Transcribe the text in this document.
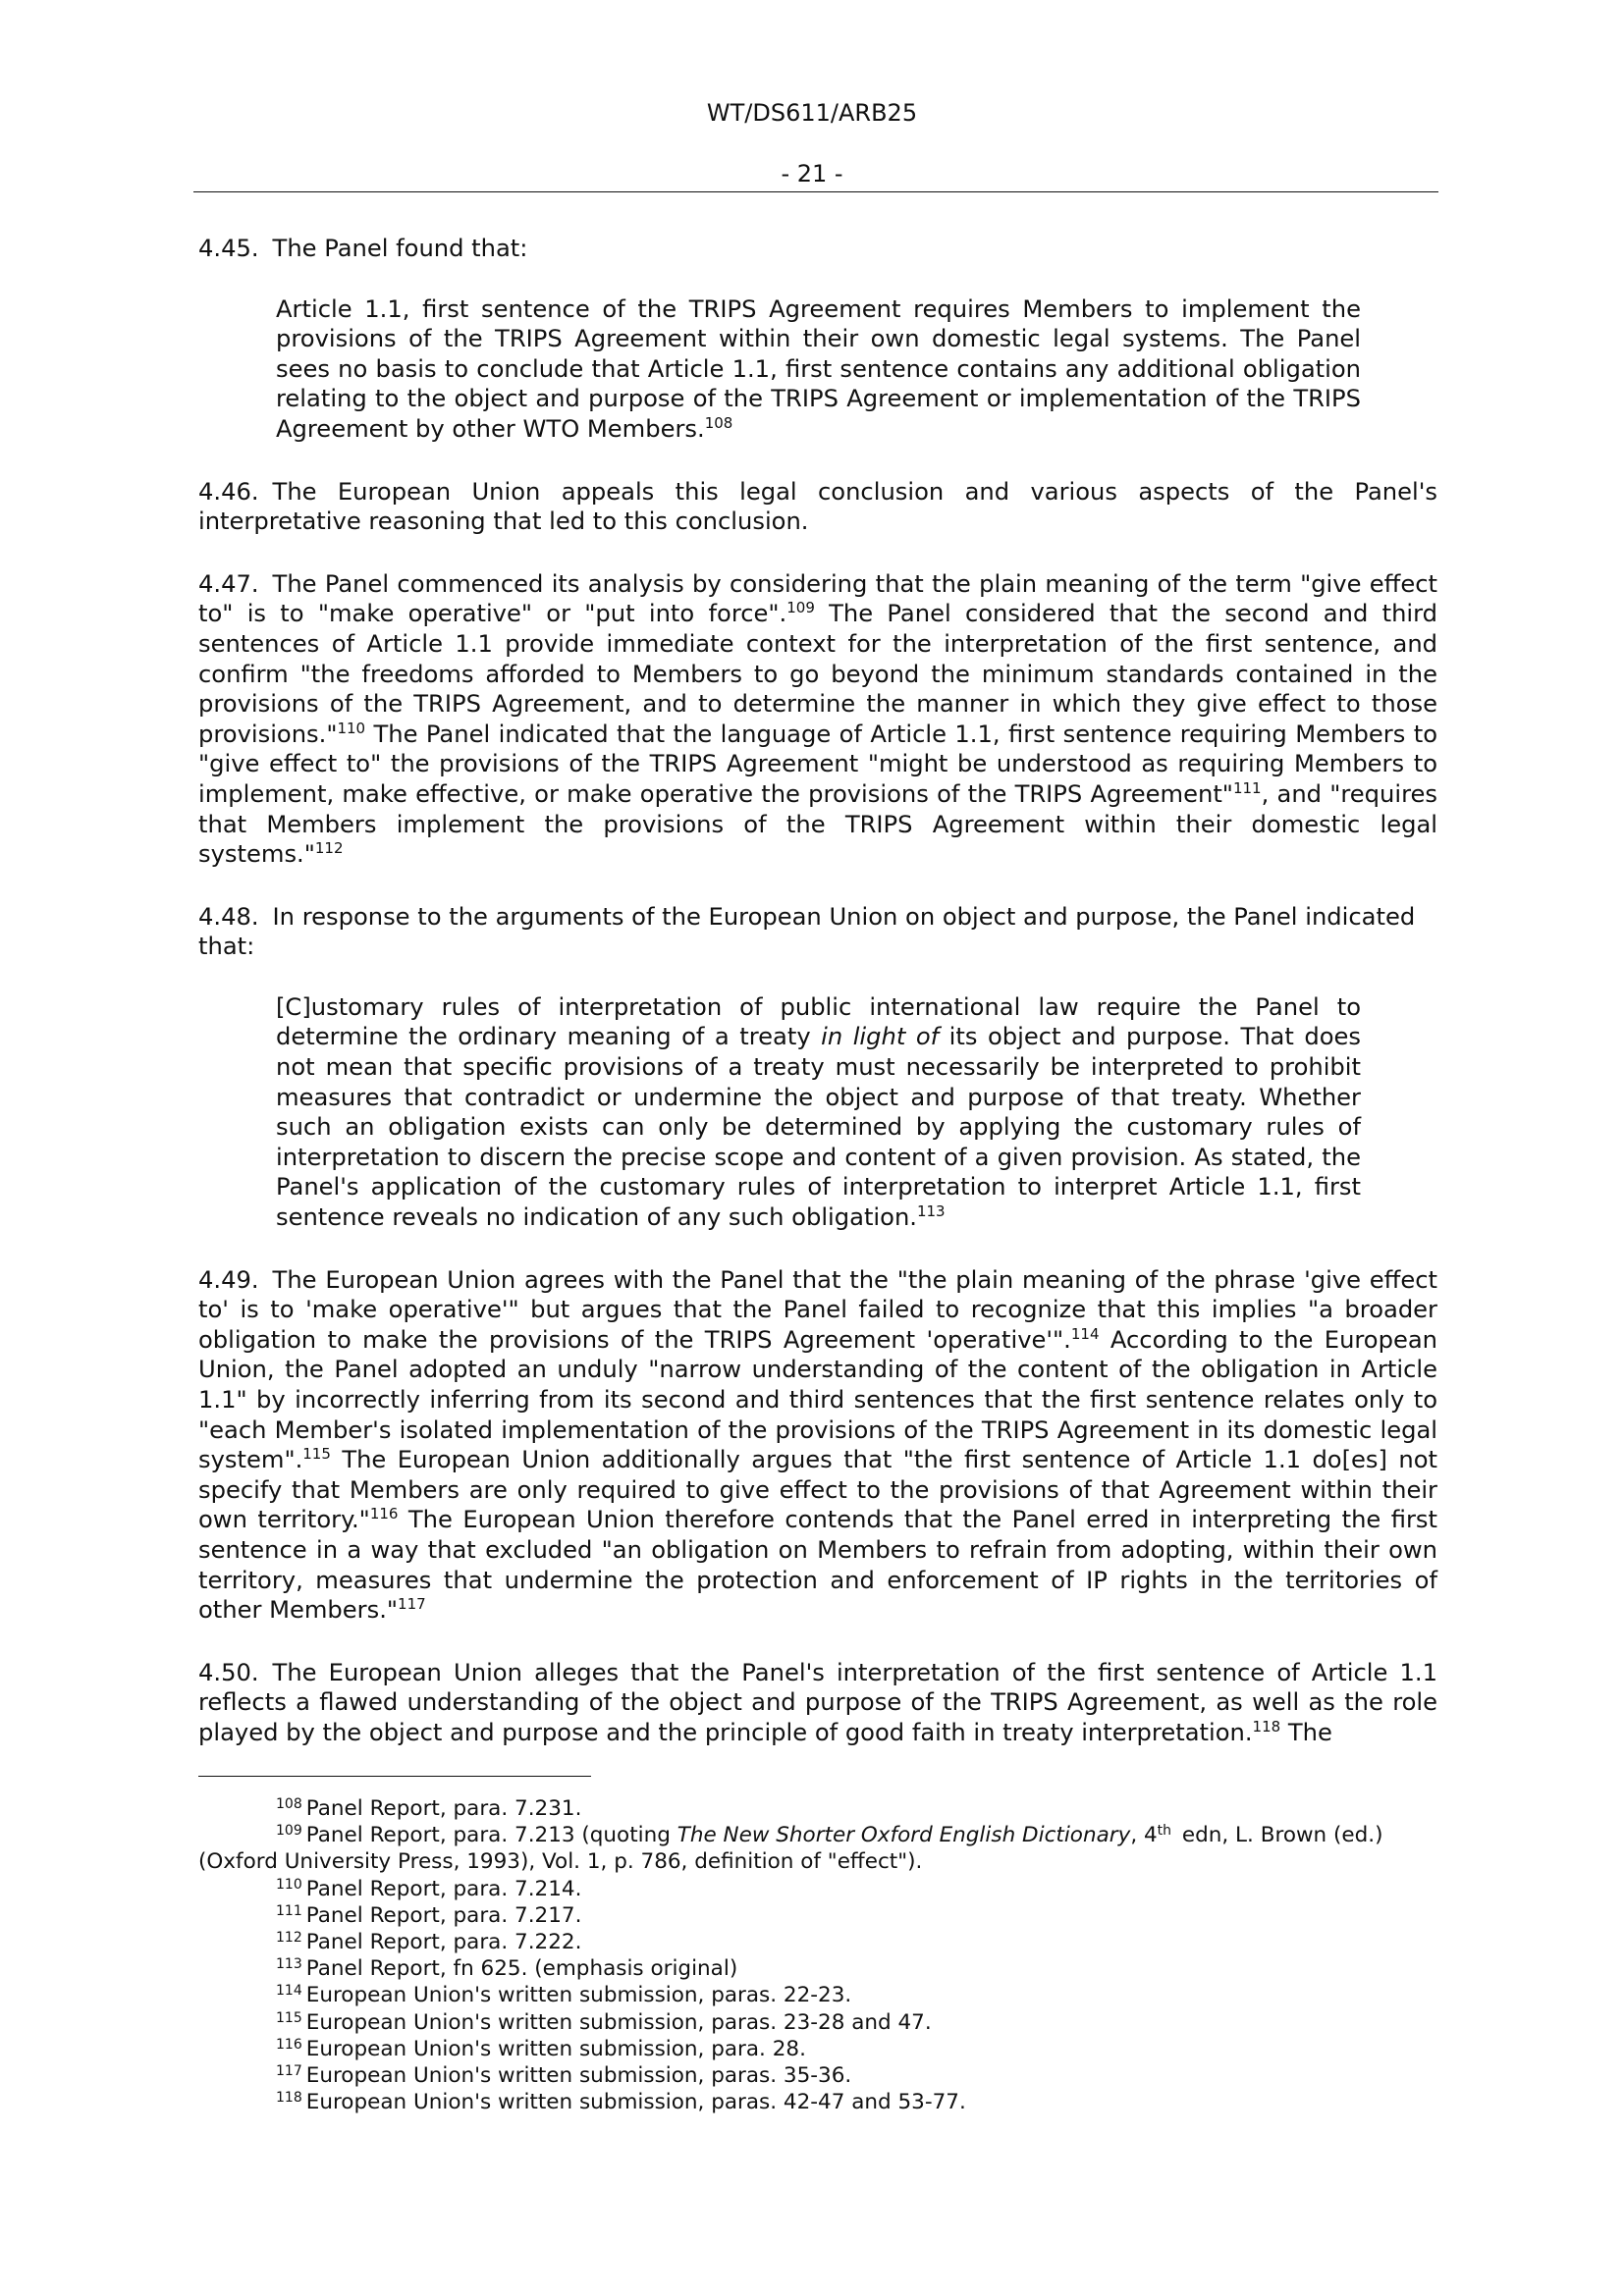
WT/DS611/ARB25
- 21 -

4.45. The Panel found that:

Article 1.1, first sentence of the TRIPS Agreement requires Members to implement the provisions of the TRIPS Agreement within their own domestic legal systems. The Panel sees no basis to conclude that Article 1.1, first sentence contains any additional obligation relating to the object and purpose of the TRIPS Agreement or implementation of the TRIPS Agreement by other WTO Members.$^{108}$

4.46. The European Union appeals this legal conclusion and various aspects of the Panel's interpretative reasoning that led to this conclusion.

4.47. The Panel commenced its analysis by considering that the plain meaning of the term "give effect to" is to "make operative" or "put into force".$^{109}$ The Panel considered that the second and third sentences of Article 1.1 provide immediate context for the interpretation of the first sentence, and confirm "the freedoms afforded to Members to go beyond the minimum standards contained in the provisions of the TRIPS Agreement, and to determine the manner in which they give effect to those provisions."$^{110}$ The Panel indicated that the language of Article 1.1, first sentence requiring Members to "give effect to" the provisions of the TRIPS Agreement "might be understood as requiring Members to implement, make effective, or make operative the provisions of the TRIPS Agreement"$^{111}$, and "requires that Members implement the provisions of the TRIPS Agreement within their domestic legal systems."$^{112}$

4.48. In response to the arguments of the European Union on object and purpose, the Panel indicated that:

[C]ustomary rules of interpretation of public international law require the Panel to determine the ordinary meaning of a treaty in light of its object and purpose. That does not mean that specific provisions of a treaty must necessarily be interpreted to prohibit measures that contradict or undermine the object and purpose of that treaty. Whether such an obligation exists can only be determined by applying the customary rules of interpretation to discern the precise scope and content of a given provision. As stated, the Panel's application of the customary rules of interpretation to interpret Article 1.1, first sentence reveals no indication of any such obligation.$^{113}$

4.49. The European Union agrees with the Panel that the "the plain meaning of the phrase 'give effect to' is to 'make operative'" but argues that the Panel failed to recognize that this implies "a broader obligation to make the provisions of the TRIPS Agreement 'operative'".$^{114}$ According to the European Union, the Panel adopted an unduly "narrow understanding of the content of the obligation in Article 1.1" by incorrectly inferring from its second and third sentences that the first sentence relates only to "each Member's isolated implementation of the provisions of the TRIPS Agreement in its domestic legal system".$^{115}$ The European Union additionally argues that "the first sentence of Article 1.1 do[es] not specify that Members are only required to give effect to the provisions of that Agreement within their own territory."$^{116}$ The European Union therefore contends that the Panel erred in interpreting the first sentence in a way that excluded "an obligation on Members to refrain from adopting, within their own territory, measures that undermine the protection and enforcement of IP rights in the territories of other Members."$^{117}$

4.50. The European Union alleges that the Panel's interpretation of the first sentence of Article 1.1 reflects a flawed understanding of the object and purpose of the TRIPS Agreement, as well as the role played by the object and purpose and the principle of good faith in treaty interpretation.$^{118}$ The

$^{108}$ Panel Report, para. 7.231.

$^{109}$ Panel Report, para. 7.213 (quoting The New Shorter Oxford English Dictionary, 4th edn, L. Brown (ed.) (Oxford University Press, 1993), Vol. 1, p. 786, definition of "effect").

$^{110}$ Panel Report, para. 7.214.

$^{111}$ Panel Report, para. 7.217.

$^{112}$ Panel Report, para. 7.222.

$^{113}$ Panel Report, fn 625. (emphasis original)

$^{114}$ European Union's written submission, paras. 22-23.

$^{115}$ European Union's written submission, paras. 23-28 and 47.

$^{116}$ European Union's written submission, para. 28.

$^{117}$ European Union's written submission, paras. 35-36.

$^{118}$ European Union's written submission, paras. 42-47 and 53-77.
